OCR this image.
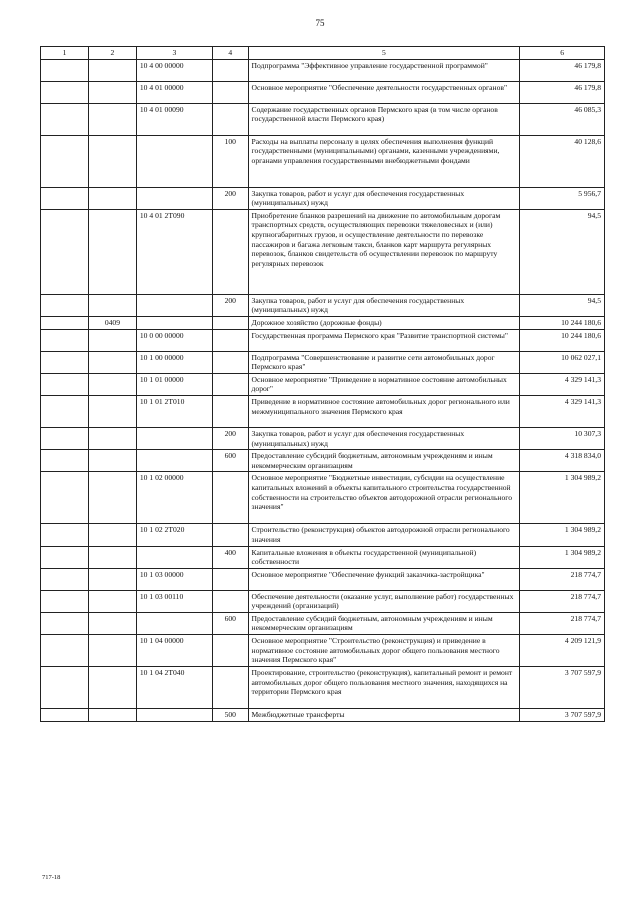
75
1	2	3	4	5	6
		10 4 00 00000		Подпрограмма "Эффективное управление государственной программой"	46 179,8
		10 4 01 00000		Основное мероприятие "Обеспечение деятельности государственных органов"	46 179,8
		10 4 01 00090		Содержание государственных органов Пермского края (в том числе органов государственной власти Пермского края)	46 085,3
			100	Расходы на выплаты персоналу в целях обеспечения выполнения функций государственными (муниципальными) органами, казенными учреждениями, органами управления государственными внебюджетными фондами	40 128,6
			200	Закупка товаров, работ и услуг для обеспечения государственных (муниципальных) нужд	5 956,7
		10 4 01 2Т090		Приобретение бланков разрешений на движение по автомобильным дорогам транспортных средств, осуществляющих перевозки тяжеловесных и (или) крупногабаритных грузов, и осуществление деятельности по перевозке пассажиров и багажа легковым такси, бланков карт маршрута регулярных перевозок, бланков свидетельств об осуществлении перевозок по маршруту регулярных перевозок	94,5
			200	Закупка товаров, работ и услуг для обеспечения государственных (муниципальных) нужд	94,5
	0409			Дорожное хозяйство (дорожные фонды)	10 244 180,6
		10 0 00 00000		Государственная программа Пермского края "Развитие транспортной системы"	10 244 180,6
		10 1 00 00000		Подпрограмма "Совершенствование и развитие сети автомобильных дорог Пермского края"	10 062 027,1
		10 1 01 00000		Основное мероприятие "Приведение в нормативное состояние автомобильных дорог"	4 329 141,3
		10 1 01 2Т010		Приведение в нормативное состояние автомобильных дорог регионального или межмуниципального значения Пермского края	4 329 141,3
			200	Закупка товаров, работ и услуг для обеспечения государственных (муниципальных) нужд	10 307,3
			600	Предоставление субсидий бюджетным, автономным учреждениям и иным некоммерческим организациям	4 318 834,0
		10 1 02 00000		Основное мероприятие "Бюджетные инвестиции, субсидии на осуществление капитальных вложений в объекты капитального строительства государственной собственности на строительство объектов автодорожной отрасли регионального значения"	1 304 989,2
		10 1 02 2Т020		Строительство (реконструкция) объектов автодорожной отрасли регионального значения	1 304 989,2
			400	Капитальные вложения в объекты государственной (муниципальной) собственности	1 304 989,2
		10 1 03 00000		Основное мероприятие "Обеспечение функций заказчика-застройщика"	218 774,7
		10 1 03 00110		Обеспечение деятельности (оказание услуг, выполнение работ) государственных учреждений (организаций)	218 774,7
			600	Предоставление субсидий бюджетным, автономным учреждениям и иным некоммерческим организациям	218 774,7
		10 1 04 00000		Основное мероприятие "Строительство (реконструкция) и приведение в нормативное состояние автомобильных дорог общего пользования местного значения Пермского края"	4 209 121,9
		10 1 04 2Т040		Проектирование, строительство (реконструкция), капитальный ремонт и ремонт автомобильных дорог общего пользования местного значения, находящихся на территории Пермского края	3 707 597,9
			500	Межбюджетные трансферты	3 707 597,9
717-18
